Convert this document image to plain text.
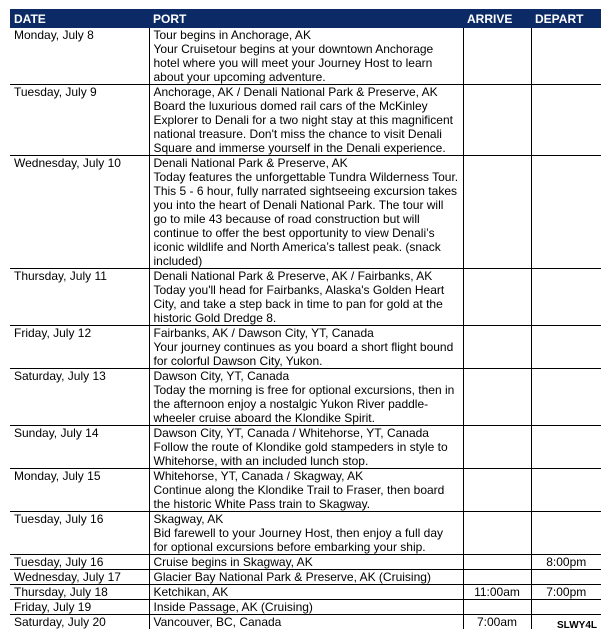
DATE	PORT	ARRIVE	DEPART
Monday, July 8	Tour begins in Anchorage, AK
Your Cruisetour begins at your downtown Anchorage hotel where you will meet your Journey Host to learn about your upcoming adventure.		

Tuesday, July 9	Anchorage, AK / Denali National Park & Preserve, AK
Board the luxurious domed rail cars of the McKinley Explorer to Denali for a two night stay at this magnificent national treasure. Don't miss the chance to visit Denali Square and immerse yourself in the Denali experience.		

Wednesday, July 10	Denali National Park & Preserve, AK
Today features the unforgettable Tundra Wilderness Tour. This 5 - 6 hour, fully narrated sightseeing excursion takes you into the heart of Denali National Park. The tour will go to mile 43 because of road construction but will continue to offer the best opportunity to view Denali’s iconic wildlife and North America’s tallest peak. (snack included)		

Thursday, July 11	Denali National Park & Preserve, AK / Fairbanks, AK
Today you'll head for Fairbanks, Alaska's Golden Heart City, and take a step back in time to pan for gold at the historic Gold Dredge 8.		

Friday, July 12	Fairbanks, AK / Dawson City, YT, Canada
Your journey continues as you board a short flight bound for colorful Dawson City, Yukon.		

Saturday, July 13	Dawson City, YT, Canada
Today the morning is free for optional excursions, then in the afternoon enjoy a nostalgic Yukon River paddle-wheeler cruise aboard the Klondike Spirit.		

Sunday, July 14	Dawson City, YT, Canada / Whitehorse, YT, Canada
Follow the route of Klondike gold stampeders in style to Whitehorse, with an included lunch stop.		

Monday, July 15	Whitehorse, YT, Canada / Skagway, AK
Continue along the Klondike Trail to Fraser, then board the historic White Pass train to Skagway.		

Tuesday, July 16	Skagway, AK
Bid farewell to your Journey Host, then enjoy a full day for optional excursions before embarking your ship.		

Tuesday, July 16	Cruise begins in Skagway, AK		8:00pm
Wednesday, July 17	Glacier Bay National Park & Preserve, AK (Cruising)		

Thursday, July 18	Ketchikan, AK	11:00am	7:00pm
Friday, July 19	Inside Passage, AK (Cruising)		

Saturday, July 20	Vancouver, BC, Canada	7:00am		SLWY4L
